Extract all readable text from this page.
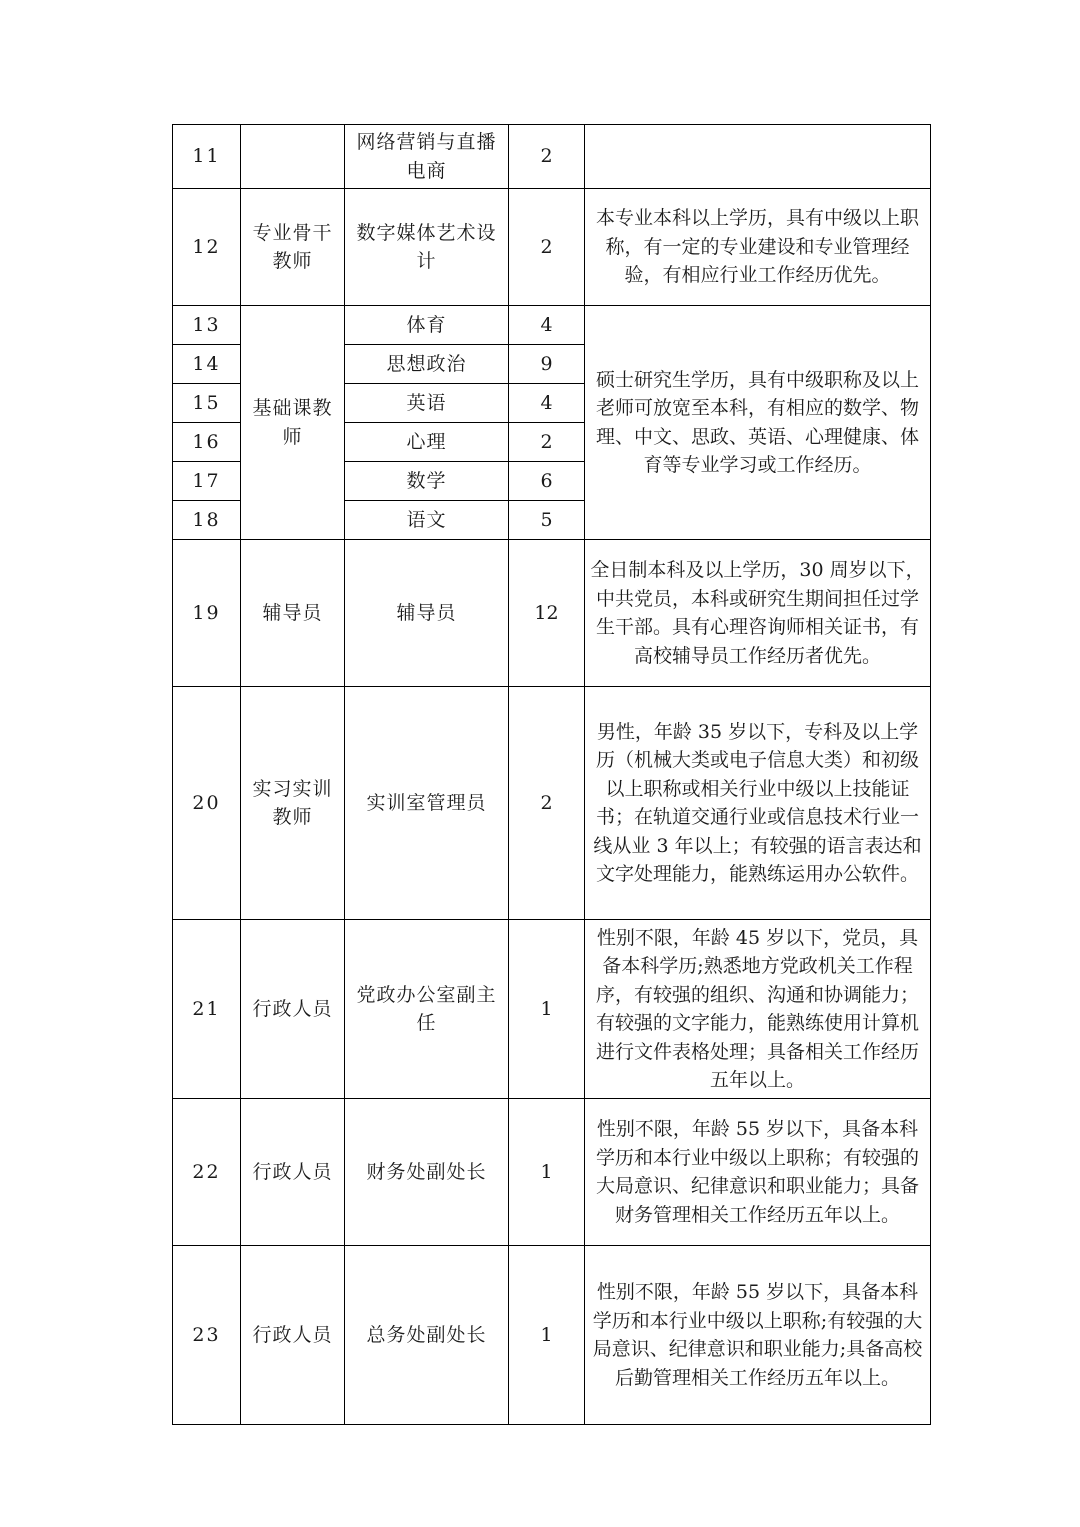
11		网络营销与直播电商	2	
12	专业骨干教师	数字媒体艺术设计	2	本专业本科以上学历，具有中级以上职称，有一定的专业建设和专业管理经验，有相应行业工作经历优先。
13	基础课教师	体育	4	硕士研究生学历，具有中级职称及以上老师可放宽至本科，有相应的数学、物理、中文、思政、英语、心理健康、体育等专业学习或工作经历。
14		思想政治	9	
15		英语	4	
16		心理	2	
17		数学	6	
18		语文	5	
19	辅导员	辅导员	12	全日制本科及以上学历，30 周岁以下，中共党员，本科或研究生期间担任过学生干部。具有心理咨询师相关证书，有高校辅导员工作经历者优先。
20	实习实训教师	实训室管理员	2	男性，年龄 35 岁以下，专科及以上学历（机械大类或电子信息大类）和初级以上职称或相关行业中级以上技能证书；在轨道交通行业或信息技术行业一线从业 3 年以上；有较强的语言表达和文字处理能力，能熟练运用办公软件。
21	行政人员	党政办公室副主任	1	性别不限，年龄 45 岁以下，党员，具备本科学历;熟悉地方党政机关工作程序，有较强的组织、沟通和协调能力；有较强的文字能力，能熟练使用计算机进行文件表格处理；具备相关工作经历五年以上。
22	行政人员	财务处副处长	1	性别不限，年龄 55 岁以下，具备本科学历和本行业中级以上职称；有较强的大局意识、纪律意识和职业能力；具备财务管理相关工作经历五年以上。
23	行政人员	总务处副处长	1	性别不限，年龄 55 岁以下，具备本科学历和本行业中级以上职称;有较强的大局意识、纪律意识和职业能力;具备高校后勤管理相关工作经历五年以上。
